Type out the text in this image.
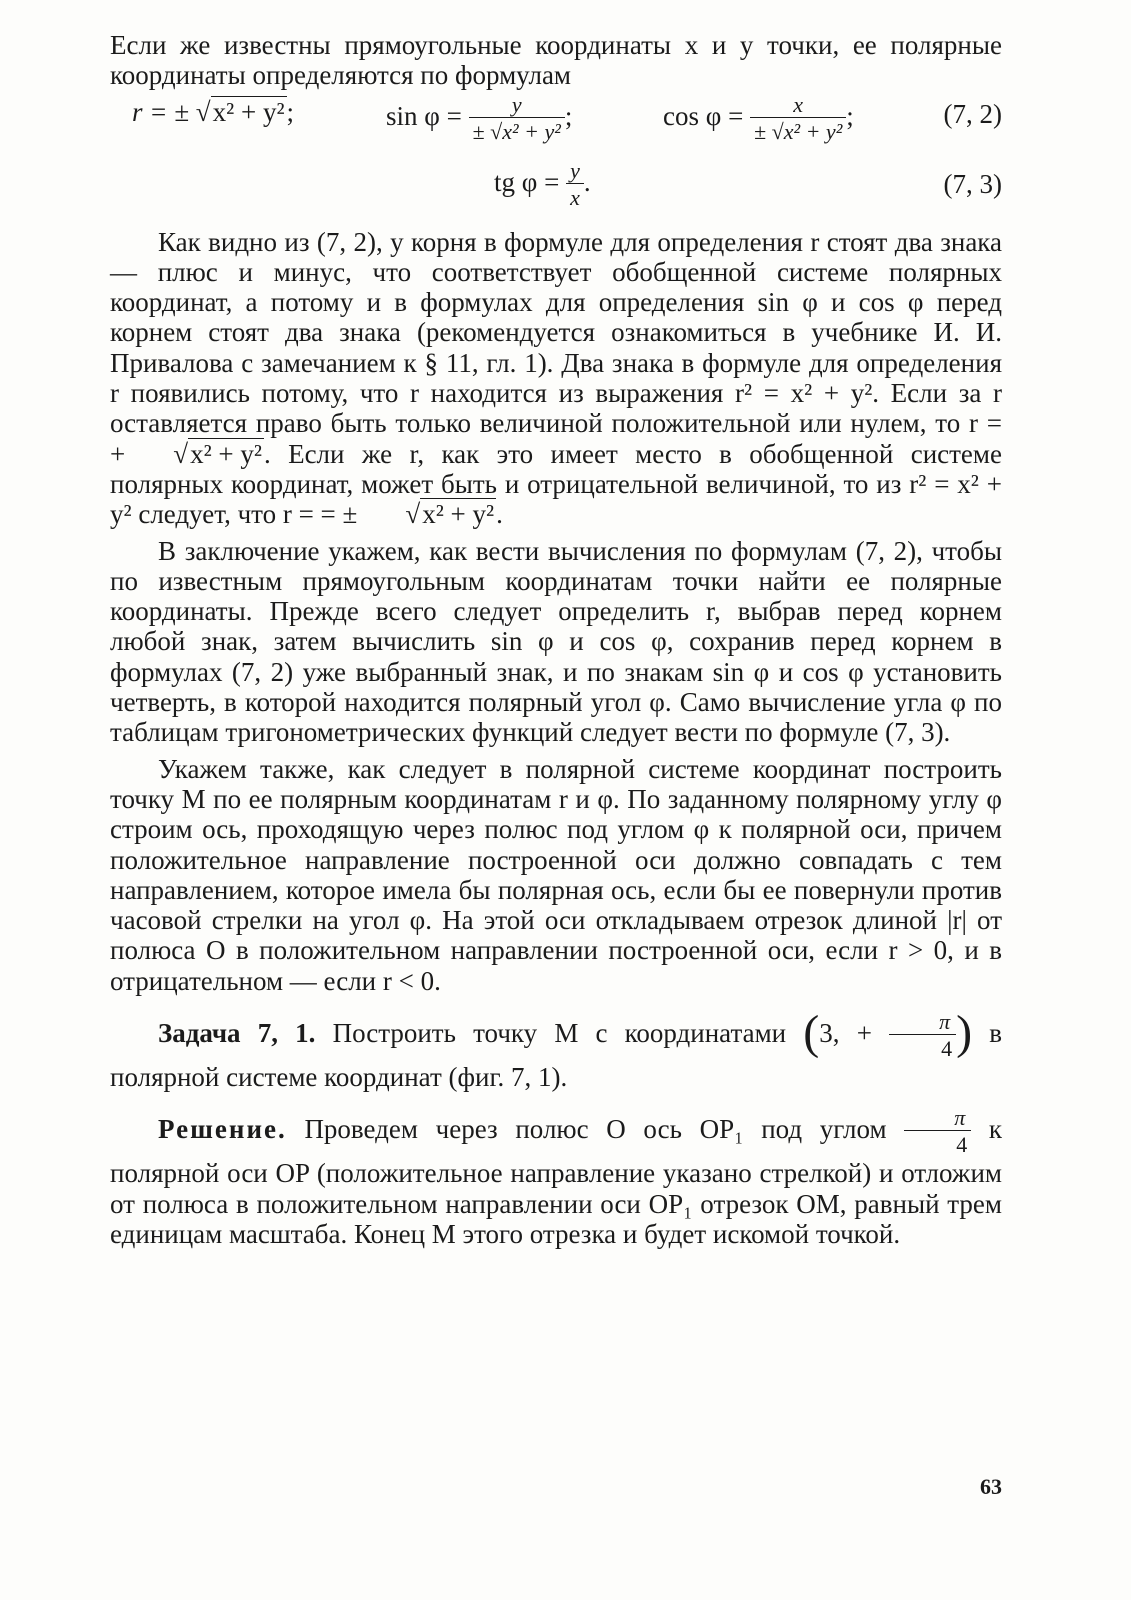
Если же известны прямоугольные координаты x и y точки, ее полярные координаты определяются по формулам

r = ± √x² + y²;	$\sin \varphi = \frac{y}{\text{± √x² + y²}}$ ;	$\cos \varphi = \frac{x}{\text{± √x² + y²}}$ ;	(7, 2)
tg $\varphi = \frac{y}{x}$ .	(7, 3)

Как видно из (7, 2), у корня в формуле для определения r стоят два знака — плюс и минус, что соответствует обобщенной системе полярных координат, а потому и в формулах для определения sin φ и cos φ перед корнем стоят два знака (рекомендуется ознакомиться в учебнике И. И. Привалова с замечанием к § 11, гл. 1). Два знака в формуле для определения r появились потому, что r находится из выражения r² = x² + y². Если за r оставляется право быть только величиной положительной или нулем, то r = + √x² + y². Если же r, как это имеет место в обобщенной системе полярных координат, может быть и отрицательной величиной, то из r² = x² + y² следует, что r = = ± √x² + y².

В заключение укажем, как вести вычисления по формулам (7, 2), чтобы по известным прямоугольным координатам точки найти ее полярные координаты. Прежде всего следует определить r, выбрав перед корнем любой знак, затем вычислить sin φ и cos φ, сохранив перед корнем в формулах (7, 2) уже выбранный знак, и по знакам sin φ и cos φ установить четверть, в которой находится полярный угол φ. Само вычисление угла φ по таблицам тригонометрических функций следует вести по формуле (7, 3).

Укажем также, как следует в полярной системе координат построить точку M по ее полярным координатам r и φ. По заданному полярному углу φ строим ось, проходящую через полюс под углом φ к полярной оси, причем положительное направление построенной оси должно совпадать с тем направлением, которое имела бы полярная ось, если бы ее повернули против часовой стрелки на угол φ. На этой оси откладываем отрезок длиной |r| от полюса O в положительном направлении построенной оси, если r > 0, и в отрицательном — если r < 0.

Задача 7, 1. Построить точку M с координатами (3, + $\frac{\pi}{4}$ ) в полярной системе координат (фиг. 7, 1).

Решение. Проведем через полюс O ось OP₁ под углом $\frac{\pi}{4}$ к полярной оси OP (положительное направление указано стрелкой) и отложим от полюса в положительном направлении оси OP₁ отрезок OM, равный трем единицам масштаба. Конец M этого отрезка и будет искомой точкой.

63
